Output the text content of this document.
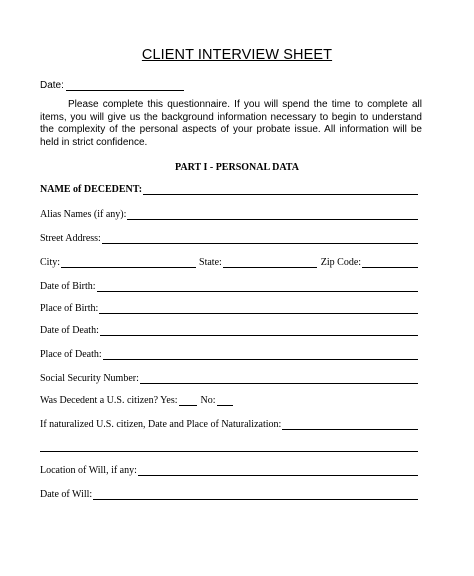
CLIENT INTERVIEW SHEET
Date:

Please complete this questionnaire. If you will spend the time to complete all items, you will give us the background information necessary to begin to understand the complexity of the personal aspects of your probate issue. All information will be held in strict confidence.

PART I - PERSONAL DATA
NAME of DECEDENT:
Alias Names (if any):
Street Address:
City:	State:	Zip Code:
Date of Birth:
Place of Birth:
Date of Death:
Place of Death:
Social Security Number:
Was Decedent a U.S. citizen? Yes: No:
If naturalized U.S. citizen, Date and Place of Naturalization:
Location of Will, if any:
Date of Will:
